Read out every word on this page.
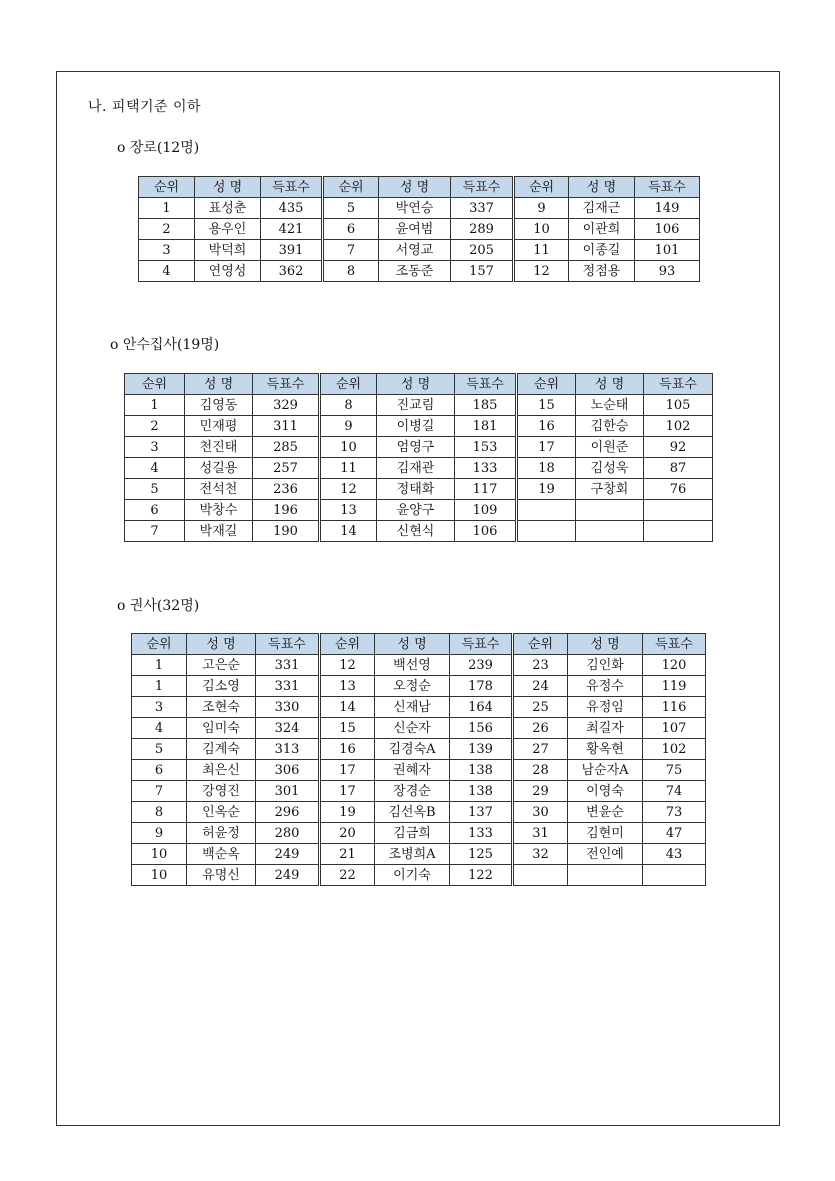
나. 피택기준 이하
o 장로(12명)
순위	성 명	득표수	순위	성 명	득표수	순위	성 명	득표수
1	표성춘	435	5	박연승	337	9	김재근	149
2	용우인	421	6	윤여범	289	10	이관희	106
3	박덕희	391	7	서영교	205	11	이종길	101
4	연영성	362	8	조동준	157	12	정점용	93
o 안수집사(19명)
순위	성 명	득표수	순위	성 명	득표수	순위	성 명	득표수
1	김영동	329	8	진교림	185	15	노순태	105
2	민재평	311	9	이병길	181	16	김한승	102
3	천진태	285	10	엄영구	153	17	이원준	92
4	성길용	257	11	김재관	133	18	김성욱	87
5	전석천	236	12	정태화	117	19	구창회	76
6	박창수	196	13	윤양구	109			
7	박재길	190	14	신현식	106			
o 권사(32명)
순위	성 명	득표수	순위	성 명	득표수	순위	성 명	득표수
1	고은순	331	12	백선영	239	23	김인화	120
1	김소영	331	13	오정순	178	24	유정수	119
3	조현숙	330	14	신재남	164	25	유정임	116
4	임미숙	324	15	신순자	156	26	최길자	107
5	김계숙	313	16	김경숙A	139	27	황옥현	102
6	최은신	306	17	권혜자	138	28	남순자A	75
7	강영진	301	17	장경순	138	29	이영숙	74
8	인옥순	296	19	김선옥B	137	30	변윤순	73
9	허윤정	280	20	김금희	133	31	김현미	47
10	백순옥	249	21	조병희A	125	32	전인예	43
10	유명신	249	22	이기숙	122			
